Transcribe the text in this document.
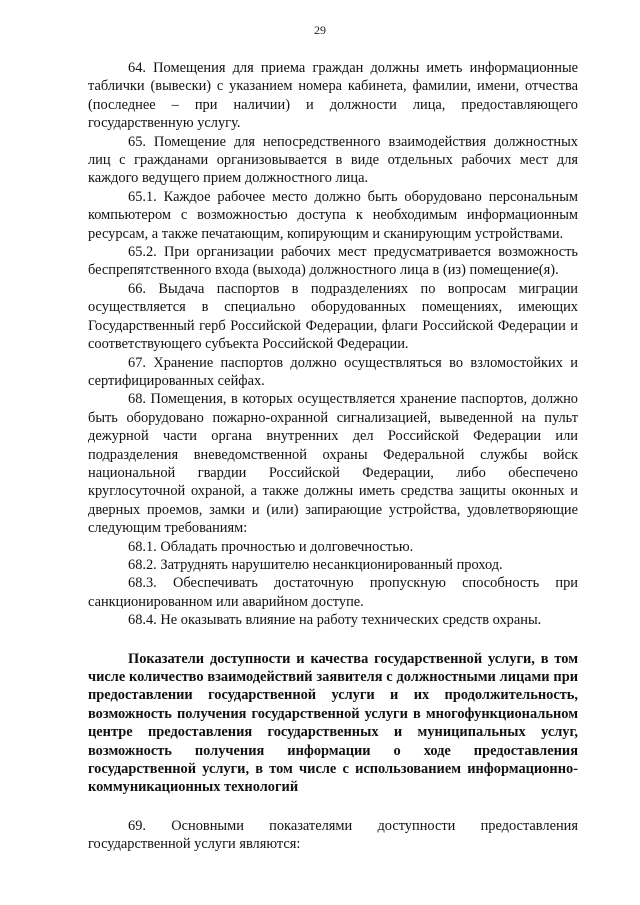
29

64. Помещения для приема граждан должны иметь информационные таблички (вывески) с указанием номера кабинета, фамилии, имени, отчества (последнее – при наличии) и должности лица, предоставляющего государственную услугу.

65. Помещение для непосредственного взаимодействия должностных лиц с гражданами организовывается в виде отдельных рабочих мест для каждого ведущего прием должностного лица.

65.1. Каждое рабочее место должно быть оборудовано персональным компьютером с возможностью доступа к необходимым информационным ресурсам, а также печатающим, копирующим и сканирующим устройствами.

65.2. При организации рабочих мест предусматривается возможность беспрепятственного входа (выхода) должностного лица в (из) помещение(я).

66. Выдача паспортов в подразделениях по вопросам миграции осуществляется в специально оборудованных помещениях, имеющих Государственный герб Российской Федерации, флаги Российской Федерации и соответствующего субъекта Российской Федерации.

67. Хранение паспортов должно осуществляться во взломостойких и сертифицированных сейфах.

68. Помещения, в которых осуществляется хранение паспортов, должно быть оборудовано пожарно-охранной сигнализацией, выведенной на пульт дежурной части органа внутренних дел Российской Федерации или подразделения вневедомственной охраны Федеральной службы войск национальной гвардии Российской Федерации, либо обеспечено круглосуточной охраной, а также должны иметь средства защиты оконных и дверных проемов, замки и (или) запирающие устройства, удовлетворяющие следующим требованиям:

68.1. Обладать прочностью и долговечностью.

68.2. Затруднять нарушителю несанкционированный проход.

68.3. Обеспечивать достаточную пропускную способность при санкционированном или аварийном доступе.

68.4. Не оказывать влияние на работу технических средств охраны.

Показатели доступности и качества государственной услуги, в том числе количество взаимодействий заявителя с должностными лицами при предоставлении государственной услуги и их продолжительность, возможность получения государственной услуги в многофункциональном центре предоставления государственных и муниципальных услуг, возможность получения информации о ходе предоставления государственной услуги, в том числе с использованием информационно-коммуникационных технологий

69. Основными показателями доступности предоставления государственной услуги являются:
